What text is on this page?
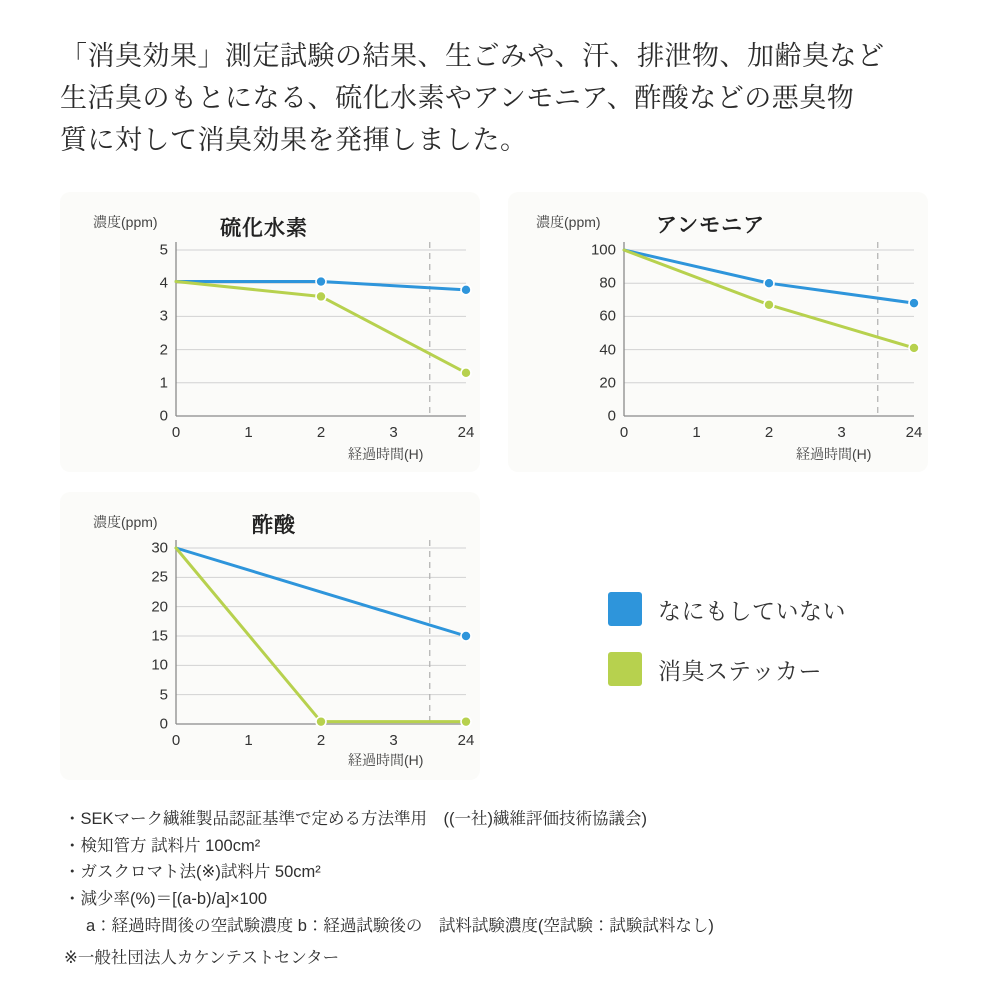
「消臭効果」測定試験の結果、生ごみや、汗、排泄物、加齢臭など
生活臭のもとになる、硫化水素やアンモニア、酢酸などの悪臭物
質に対して消臭効果を発揮しました。
濃度(ppm)	硫化水素
0
1
2
3
4
5
0	1	2	3	24
経過時間(H)
濃度(ppm)	アンモニア
0
20
40
60
80
100
0	1	2	3	24
経過時間(H)
濃度(ppm)	酢酸
0
5
10
15
20
25
30
0	1	2	3	24
経過時間(H)
なにもしていない
消臭ステッカー
・SEKマーク繊維製品認証基準で定める方法準用　((一社)繊維評価技術協議会)
・検知管方 試料片 100cm²
・ガスクロマト法(※)試料片 50cm²
・減少率(%)＝[(a-b)/a]×100
a：経過時間後の空試験濃度 b：経過試験後の　試料試験濃度(空試験：試験試料なし)
※一般社団法人カケンテストセンター
